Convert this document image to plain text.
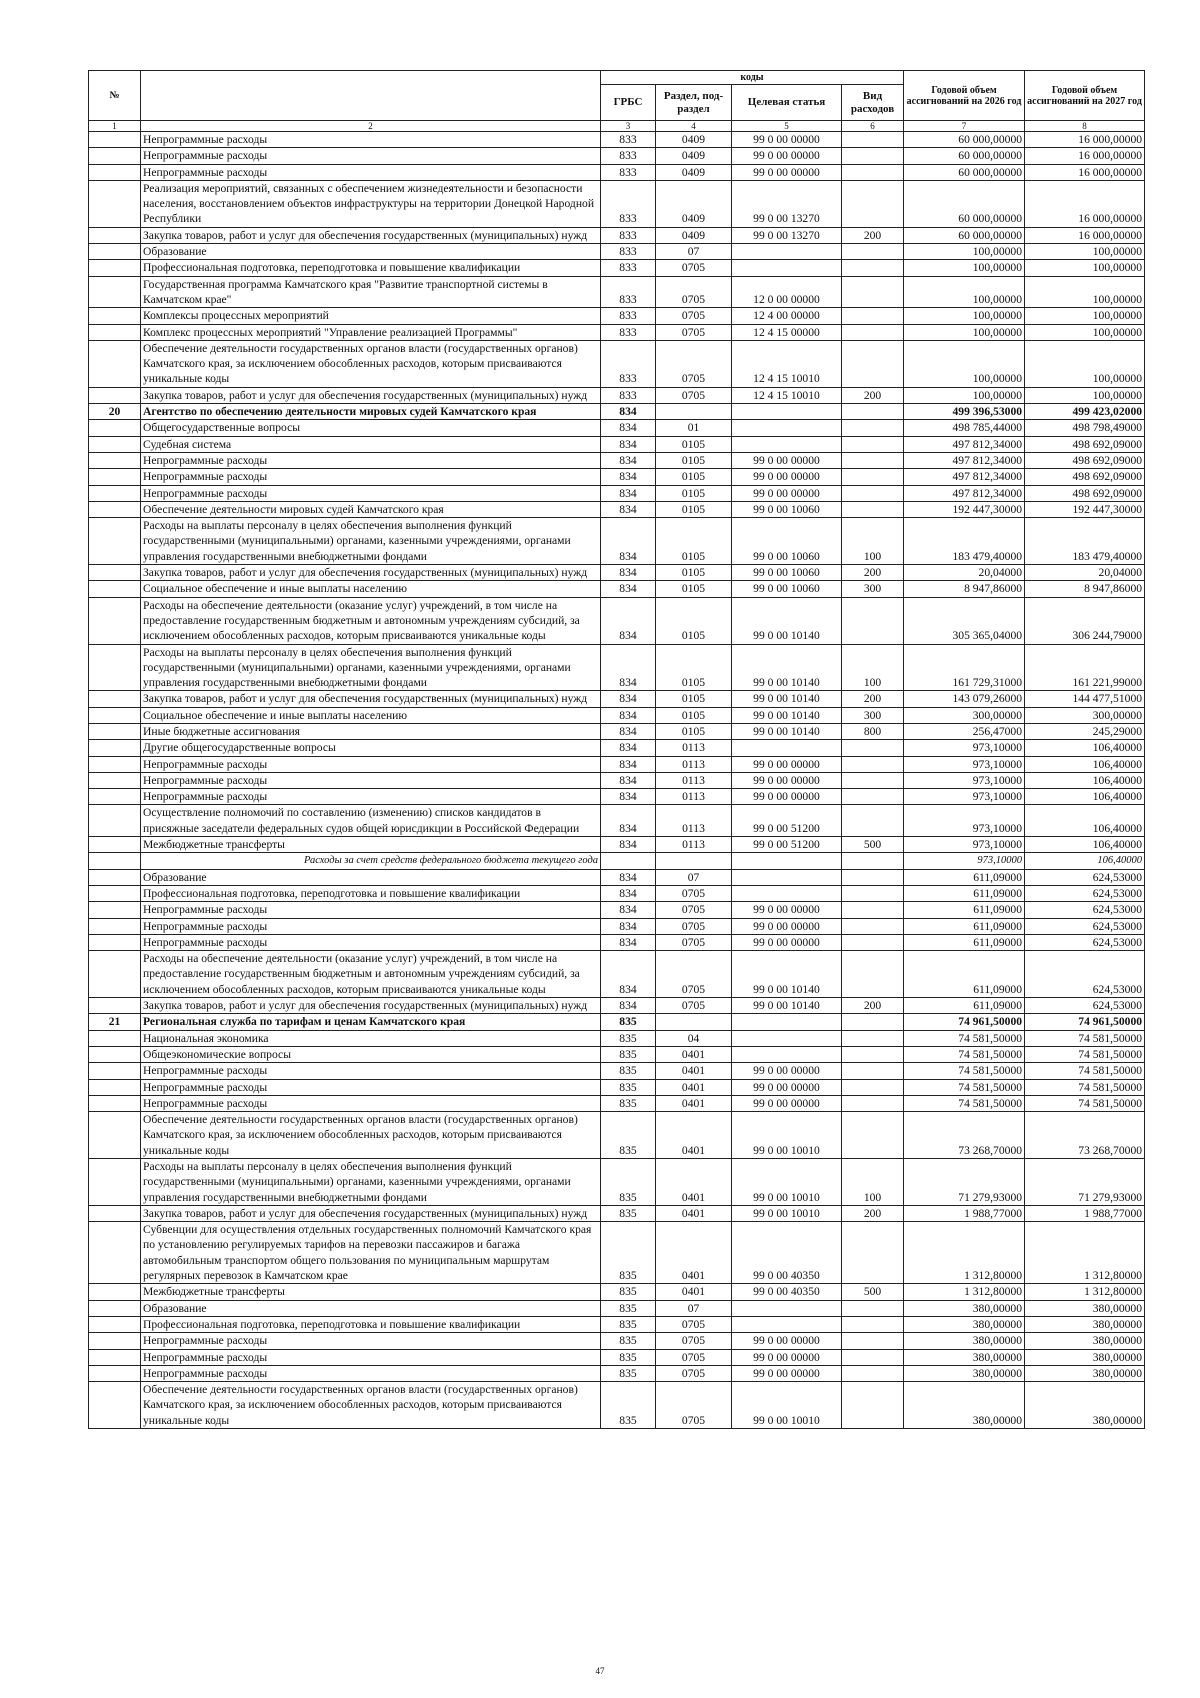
№		коды				Годовой объем ассигнований на 2026 год	Годовой объем ассигнований на 2027 год
		ГРБС	Раздел, под-раздел	Целевая статья	Вид расходов		
1	2	3	4	5	6	7	8
	Непрограммные расходы	833	0409	99 0 00 00000		60 000,00000	16 000,00000
	Непрограммные расходы	833	0409	99 0 00 00000		60 000,00000	16 000,00000
	Непрограммные расходы	833	0409	99 0 00 00000		60 000,00000	16 000,00000
	Реализация мероприятий, связанных с обеспечением жизнедеятельности и безопасности населения, восстановлением объектов инфраструктуры на территории Донецкой Народной Республики	833	0409	99 0 00 13270		60 000,00000	16 000,00000
	Закупка товаров, работ и услуг для обеспечения государственных (муниципальных) нужд	833	0409	99 0 00 13270	200	60 000,00000	16 000,00000
	Образование	833	07			100,00000	100,00000
	Профессиональная подготовка, переподготовка и повышение квалификации	833	0705			100,00000	100,00000
	Государственная программа Камчатского края "Развитие транспортной системы в Камчатском крае"	833	0705	12 0 00 00000		100,00000	100,00000
	Комплексы процессных мероприятий	833	0705	12 4 00 00000		100,00000	100,00000
	Комплекс процессных мероприятий "Управление реализацией Программы"	833	0705	12 4 15 00000		100,00000	100,00000
	Обеспечение деятельности государственных органов власти (государственных органов) Камчатского края, за исключением обособленных расходов, которым присваиваются уникальные коды	833	0705	12 4 15 10010		100,00000	100,00000
	Закупка товаров, работ и услуг для обеспечения государственных (муниципальных) нужд	833	0705	12 4 15 10010	200	100,00000	100,00000
20	Агентство по обеспечению деятельности мировых судей Камчатского края	834				499 396,53000	499 423,02000
	Общегосударственные вопросы	834	01			498 785,44000	498 798,49000
	Судебная система	834	0105			497 812,34000	498 692,09000
	Непрограммные расходы	834	0105	99 0 00 00000		497 812,34000	498 692,09000
	Непрограммные расходы	834	0105	99 0 00 00000		497 812,34000	498 692,09000
	Непрограммные расходы	834	0105	99 0 00 00000		497 812,34000	498 692,09000
	Обеспечение деятельности мировых судей Камчатского края	834	0105	99 0 00 10060		192 447,30000	192 447,30000
	Расходы на выплаты персоналу в целях обеспечения выполнения функций государственными (муниципальными) органами, казенными учреждениями, органами управления государственными внебюджетными фондами	834	0105	99 0 00 10060	100	183 479,40000	183 479,40000
	Закупка товаров, работ и услуг для обеспечения государственных (муниципальных) нужд	834	0105	99 0 00 10060	200	20,04000	20,04000
	Социальное обеспечение и иные выплаты населению	834	0105	99 0 00 10060	300	8 947,86000	8 947,86000
	Расходы на обеспечение деятельности (оказание услуг) учреждений, в том числе на предоставление государственным бюджетным и автономным учреждениям субсидий, за исключением обособленных расходов, которым присваиваются уникальные коды	834	0105	99 0 00 10140		305 365,04000	306 244,79000
	Расходы на выплаты персоналу в целях обеспечения выполнения функций государственными (муниципальными) органами, казенными учреждениями, органами управления государственными внебюджетными фондами	834	0105	99 0 00 10140	100	161 729,31000	161 221,99000
	Закупка товаров, работ и услуг для обеспечения государственных (муниципальных) нужд	834	0105	99 0 00 10140	200	143 079,26000	144 477,51000
	Социальное обеспечение и иные выплаты населению	834	0105	99 0 00 10140	300	300,00000	300,00000
	Иные бюджетные ассигнования	834	0105	99 0 00 10140	800	256,47000	245,29000
	Другие общегосударственные вопросы	834	0113			973,10000	106,40000
	Непрограммные расходы	834	0113	99 0 00 00000		973,10000	106,40000
	Непрограммные расходы	834	0113	99 0 00 00000		973,10000	106,40000
	Непрограммные расходы	834	0113	99 0 00 00000		973,10000	106,40000
	Осуществление полномочий по составлению (изменению) списков кандидатов в присяжные заседатели федеральных судов общей юрисдикции в Российской Федерации	834	0113	99 0 00 51200		973,10000	106,40000
	Межбюджетные трансферты	834	0113	99 0 00 51200	500	973,10000	106,40000
	Расходы за счет средств федерального бюджета текущего года					973,10000	106,40000
	Образование	834	07			611,09000	624,53000
	Профессиональная подготовка, переподготовка и повышение квалификации	834	0705			611,09000	624,53000
	Непрограммные расходы	834	0705	99 0 00 00000		611,09000	624,53000
	Непрограммные расходы	834	0705	99 0 00 00000		611,09000	624,53000
	Непрограммные расходы	834	0705	99 0 00 00000		611,09000	624,53000
	Расходы на обеспечение деятельности (оказание услуг) учреждений, в том числе на предоставление государственным бюджетным и автономным учреждениям субсидий, за исключением обособленных расходов, которым присваиваются уникальные коды	834	0705	99 0 00 10140		611,09000	624,53000
	Закупка товаров, работ и услуг для обеспечения государственных (муниципальных) нужд	834	0705	99 0 00 10140	200	611,09000	624,53000
21	Региональная служба по тарифам и ценам Камчатского края	835				74 961,50000	74 961,50000
	Национальная экономика	835	04			74 581,50000	74 581,50000
	Общеэкономические вопросы	835	0401			74 581,50000	74 581,50000
	Непрограммные расходы	835	0401	99 0 00 00000		74 581,50000	74 581,50000
	Непрограммные расходы	835	0401	99 0 00 00000		74 581,50000	74 581,50000
	Непрограммные расходы	835	0401	99 0 00 00000		74 581,50000	74 581,50000
	Обеспечение деятельности государственных органов власти (государственных органов) Камчатского края, за исключением обособленных расходов, которым присваиваются уникальные коды	835	0401	99 0 00 10010		73 268,70000	73 268,70000
	Расходы на выплаты персоналу в целях обеспечения выполнения функций государственными (муниципальными) органами, казенными учреждениями, органами управления государственными внебюджетными фондами	835	0401	99 0 00 10010	100	71 279,93000	71 279,93000
	Закупка товаров, работ и услуг для обеспечения государственных (муниципальных) нужд	835	0401	99 0 00 10010	200	1 988,77000	1 988,77000
	Субвенции для осуществления отдельных государственных полномочий Камчатского края по установлению регулируемых тарифов на перевозки пассажиров и багажа автомобильным транспортом общего пользования по муниципальным маршрутам регулярных перевозок в Камчатском крае	835	0401	99 0 00 40350		1 312,80000	1 312,80000
	Межбюджетные трансферты	835	0401	99 0 00 40350	500	1 312,80000	1 312,80000
	Образование	835	07			380,00000	380,00000
	Профессиональная подготовка, переподготовка и повышение квалификации	835	0705			380,00000	380,00000
	Непрограммные расходы	835	0705	99 0 00 00000		380,00000	380,00000
	Непрограммные расходы	835	0705	99 0 00 00000		380,00000	380,00000
	Непрограммные расходы	835	0705	99 0 00 00000		380,00000	380,00000
	Обеспечение деятельности государственных органов власти (государственных органов) Камчатского края, за исключением обособленных расходов, которым присваиваются уникальные коды	835	0705	99 0 00 10010		380,00000	380,00000
47
